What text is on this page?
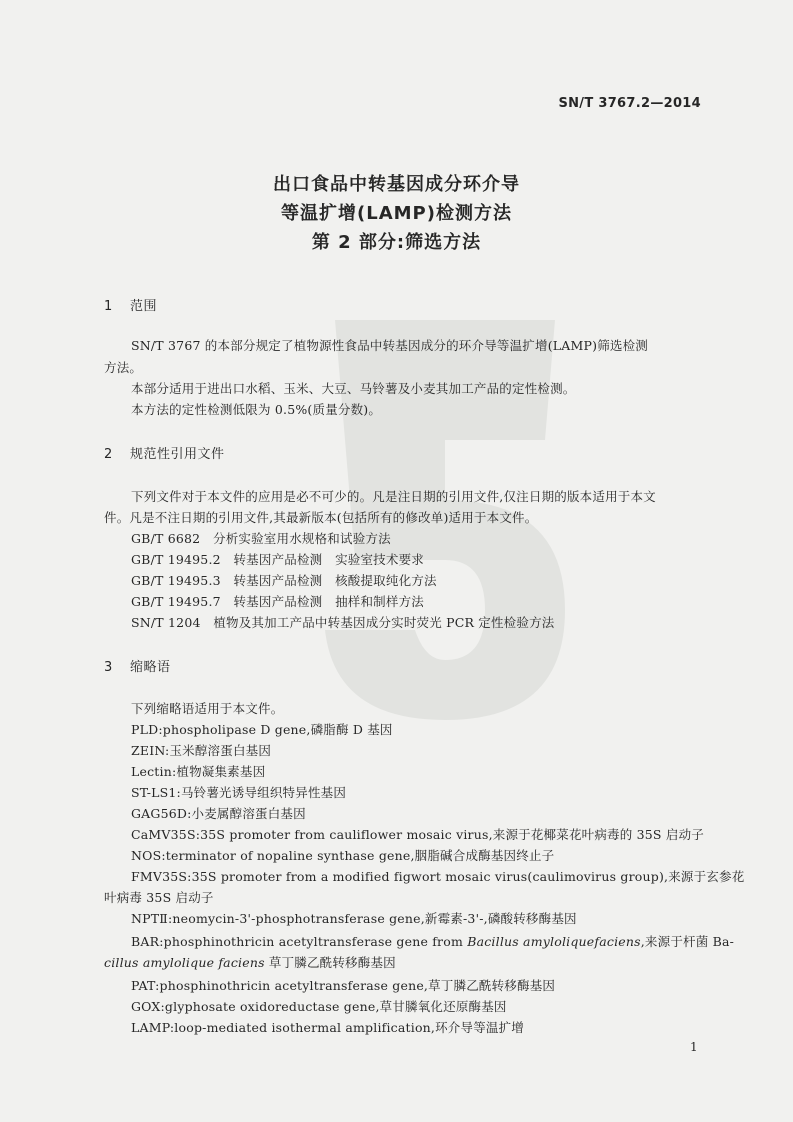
SN/T 3767.2—2014
出口食品中转基因成分环介导
等温扩增(LAMP)检测方法
第 2 部分:筛选方法
1 范围
SN/T 3767 的本部分规定了植物源性食品中转基因成分的环介导等温扩增(LAMP)筛选检测
方法。
本部分适用于进出口水稻、玉米、大豆、马铃薯及小麦其加工产品的定性检测。
本方法的定性检测低限为 0.5%(质量分数)。
2 规范性引用文件
下列文件对于本文件的应用是必不可少的。凡是注日期的引用文件,仅注日期的版本适用于本文
件。凡是不注日期的引用文件,其最新版本(包括所有的修改单)适用于本文件。
GB/T 6682　分析实验室用水规格和试验方法
GB/T 19495.2　转基因产品检测　实验室技术要求
GB/T 19495.3　转基因产品检测　核酸提取纯化方法
GB/T 19495.7　转基因产品检测　抽样和制样方法
SN/T 1204　植物及其加工产品中转基因成分实时荧光 PCR 定性检验方法
3 缩略语
下列缩略语适用于本文件。
PLD:phospholipase D gene,磷脂酶 D 基因
ZEIN:玉米醇溶蛋白基因
Lectin:植物凝集素基因
ST-LS1:马铃薯光诱导组织特异性基因
GAG56D:小麦属醇溶蛋白基因
CaMV35S:35S promoter from cauliflower mosaic virus,来源于花椰菜花叶病毒的 35S 启动子
NOS:terminator of nopaline synthase gene,胭脂碱合成酶基因终止子
FMV35S:35S promoter from a modified figwort mosaic virus(caulimovirus group),来源于玄参花
叶病毒 35S 启动子
NPTⅡ:neomycin-3'-phosphotransferase gene,新霉素-3'-,磷酸转移酶基因
BAR:phosphinothricin acetyltransferase gene from Bacillus amyloliquefaciens,来源于杆菌 Ba-
cillus amylolique faciens 草丁膦乙酰转移酶基因
PAT:phosphinothricin acetyltransferase gene,草丁膦乙酰转移酶基因
GOX:glyphosate oxidoreductase gene,草甘膦氧化还原酶基因
LAMP:loop-mediated isothermal amplification,环介导等温扩增
1
